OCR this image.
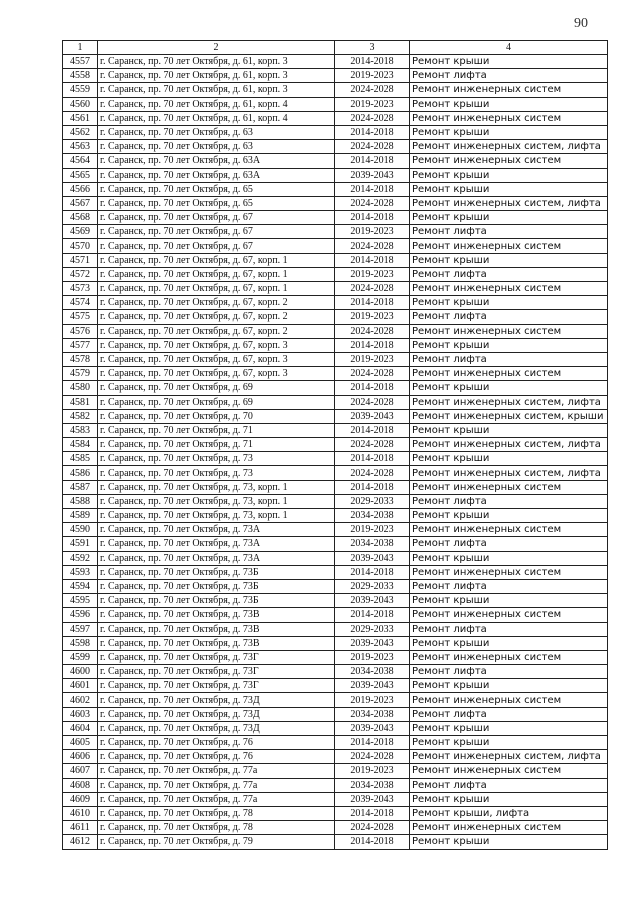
90
1	2	3	4
4557	г. Саранск, пр. 70 лет Октября, д. 61, корп. 3	2014-2018	Ремонт крыши
4558	г. Саранск, пр. 70 лет Октября, д. 61, корп. 3	2019-2023	Ремонт лифта
4559	г. Саранск, пр. 70 лет Октября, д. 61, корп. 3	2024-2028	Ремонт инженерных систем
4560	г. Саранск, пр. 70 лет Октября, д. 61, корп. 4	2019-2023	Ремонт крыши
4561	г. Саранск, пр. 70 лет Октября, д. 61, корп. 4	2024-2028	Ремонт инженерных систем
4562	г. Саранск, пр. 70 лет Октября, д. 63	2014-2018	Ремонт крыши
4563	г. Саранск, пр. 70 лет Октября, д. 63	2024-2028	Ремонт инженерных систем, лифта
4564	г. Саранск, пр. 70 лет Октября, д. 63А	2014-2018	Ремонт инженерных систем
4565	г. Саранск, пр. 70 лет Октября, д. 63А	2039-2043	Ремонт крыши
4566	г. Саранск, пр. 70 лет Октября, д. 65	2014-2018	Ремонт крыши
4567	г. Саранск, пр. 70 лет Октября, д. 65	2024-2028	Ремонт инженерных систем, лифта
4568	г. Саранск, пр. 70 лет Октября, д. 67	2014-2018	Ремонт крыши
4569	г. Саранск, пр. 70 лет Октября, д. 67	2019-2023	Ремонт лифта
4570	г. Саранск, пр. 70 лет Октября, д. 67	2024-2028	Ремонт инженерных систем
4571	г. Саранск, пр. 70 лет Октября, д. 67, корп. 1	2014-2018	Ремонт крыши
4572	г. Саранск, пр. 70 лет Октября, д. 67, корп. 1	2019-2023	Ремонт лифта
4573	г. Саранск, пр. 70 лет Октября, д. 67, корп. 1	2024-2028	Ремонт инженерных систем
4574	г. Саранск, пр. 70 лет Октября, д. 67, корп. 2	2014-2018	Ремонт крыши
4575	г. Саранск, пр. 70 лет Октября, д. 67, корп. 2	2019-2023	Ремонт лифта
4576	г. Саранск, пр. 70 лет Октября, д. 67, корп. 2	2024-2028	Ремонт инженерных систем
4577	г. Саранск, пр. 70 лет Октября, д. 67, корп. 3	2014-2018	Ремонт крыши
4578	г. Саранск, пр. 70 лет Октября, д. 67, корп. 3	2019-2023	Ремонт лифта
4579	г. Саранск, пр. 70 лет Октября, д. 67, корп. 3	2024-2028	Ремонт инженерных систем
4580	г. Саранск, пр. 70 лет Октября, д. 69	2014-2018	Ремонт крыши
4581	г. Саранск, пр. 70 лет Октября, д. 69	2024-2028	Ремонт инженерных систем, лифта
4582	г. Саранск, пр. 70 лет Октября, д. 70	2039-2043	Ремонт инженерных систем, крыши
4583	г. Саранск, пр. 70 лет Октября, д. 71	2014-2018	Ремонт крыши
4584	г. Саранск, пр. 70 лет Октября, д. 71	2024-2028	Ремонт инженерных систем, лифта
4585	г. Саранск, пр. 70 лет Октября, д. 73	2014-2018	Ремонт крыши
4586	г. Саранск, пр. 70 лет Октября, д. 73	2024-2028	Ремонт инженерных систем, лифта
4587	г. Саранск, пр. 70 лет Октября, д. 73, корп. 1	2014-2018	Ремонт инженерных систем
4588	г. Саранск, пр. 70 лет Октября, д. 73, корп. 1	2029-2033	Ремонт лифта
4589	г. Саранск, пр. 70 лет Октября, д. 73, корп. 1	2034-2038	Ремонт крыши
4590	г. Саранск, пр. 70 лет Октября, д. 73А	2019-2023	Ремонт инженерных систем
4591	г. Саранск, пр. 70 лет Октября, д. 73А	2034-2038	Ремонт лифта
4592	г. Саранск, пр. 70 лет Октября, д. 73А	2039-2043	Ремонт крыши
4593	г. Саранск, пр. 70 лет Октября, д. 73Б	2014-2018	Ремонт инженерных систем
4594	г. Саранск, пр. 70 лет Октября, д. 73Б	2029-2033	Ремонт лифта
4595	г. Саранск, пр. 70 лет Октября, д. 73Б	2039-2043	Ремонт крыши
4596	г. Саранск, пр. 70 лет Октября, д. 73В	2014-2018	Ремонт инженерных систем
4597	г. Саранск, пр. 70 лет Октября, д. 73В	2029-2033	Ремонт лифта
4598	г. Саранск, пр. 70 лет Октября, д. 73В	2039-2043	Ремонт крыши
4599	г. Саранск, пр. 70 лет Октября, д. 73Г	2019-2023	Ремонт инженерных систем
4600	г. Саранск, пр. 70 лет Октября, д. 73Г	2034-2038	Ремонт лифта
4601	г. Саранск, пр. 70 лет Октября, д. 73Г	2039-2043	Ремонт крыши
4602	г. Саранск, пр. 70 лет Октября, д. 73Д	2019-2023	Ремонт инженерных систем
4603	г. Саранск, пр. 70 лет Октября, д. 73Д	2034-2038	Ремонт лифта
4604	г. Саранск, пр. 70 лет Октября, д. 73Д	2039-2043	Ремонт крыши
4605	г. Саранск, пр. 70 лет Октября, д. 76	2014-2018	Ремонт крыши
4606	г. Саранск, пр. 70 лет Октября, д. 76	2024-2028	Ремонт инженерных систем, лифта
4607	г. Саранск, пр. 70 лет Октября, д. 77а	2019-2023	Ремонт инженерных систем
4608	г. Саранск, пр. 70 лет Октября, д. 77а	2034-2038	Ремонт лифта
4609	г. Саранск, пр. 70 лет Октября, д. 77а	2039-2043	Ремонт крыши
4610	г. Саранск, пр. 70 лет Октября, д. 78	2014-2018	Ремонт крыши, лифта
4611	г. Саранск, пр. 70 лет Октября, д. 78	2024-2028	Ремонт инженерных систем
4612	г. Саранск, пр. 70 лет Октября, д. 79	2014-2018	Ремонт крыши
